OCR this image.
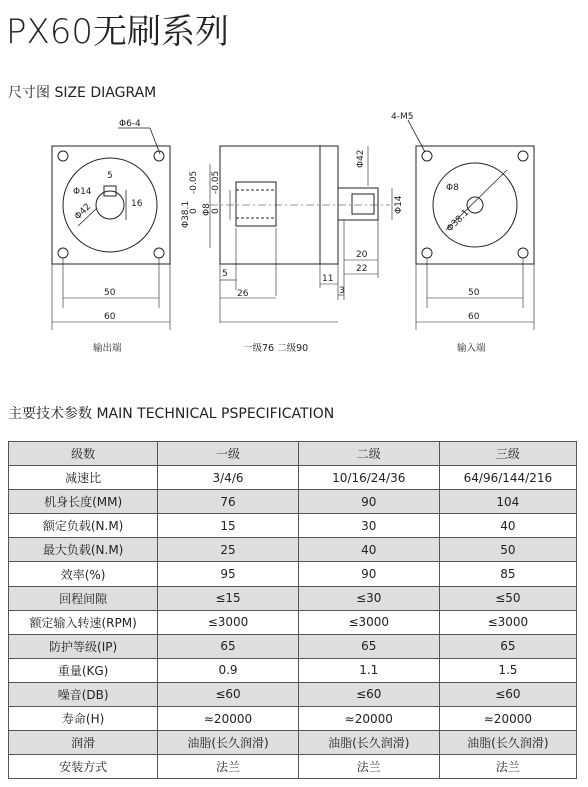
PX60无刷系列
尺寸图 SIZE DIAGRAM
Φ6-4
5
Φ14
16
Φ42
50
60
输出端
Φ38.1
-0.05
0 Φ8
-0.05
0
5
26
11
3
20
22
Φ42
Φ14
一级76 二级90
4-M5
Φ8
Φ38.1
50
60
输入端
主要技术参数 MAIN TECHNICAL PSPECIFICATION
级数	一级	二级	三级
减速比	3/4/6	10/16/24/36	64/96/144/216
机身长度(MM)	76	90	104
额定负载(N.M)	15	30	40
最大负载(N.M)	25	40	50
效率(%)	95	90	85
回程间隙	≤15	≤30	≤50
额定输入转速(RPM)	≤3000	≤3000	≤3000
防护等级(IP)	65	65	65
重量(KG)	0.9	1.1	1.5
噪音(DB)	≤60	≤60	≤60
寿命(H)	≈20000	≈20000	≈20000
润滑	油脂(长久润滑)	油脂(长久润滑)	油脂(长久润滑)
安装方式	法兰	法兰	法兰
